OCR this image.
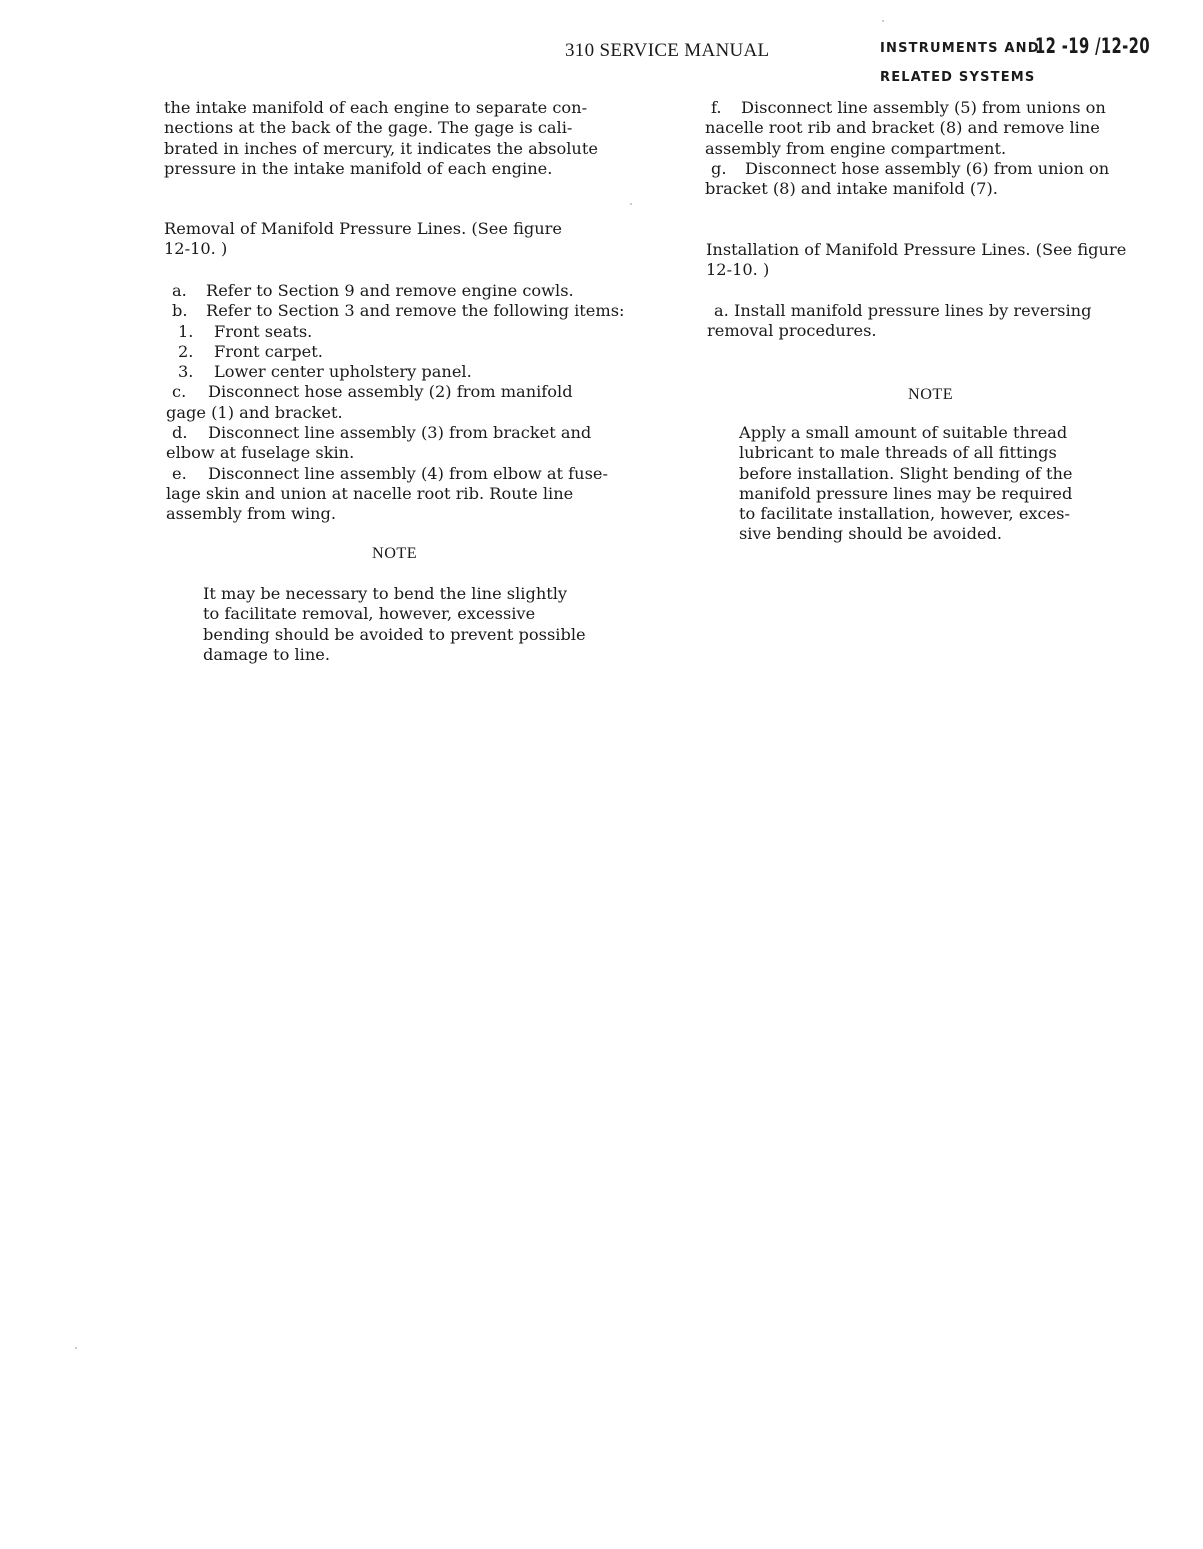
310 SERVICE MANUAL	INSTRUMENTS AND
12 -19 /12-20
RELATED SYSTEMS
the intake manifold of each engine to separate con-
nections at the back of the gage. The gage is cali-
brated in inches of mercury, it indicates the absolute
pressure in the intake manifold of each engine.
Removal of Manifold Pressure Lines. (See figure
12-10. )
a. Refer to Section 9 and remove engine cowls.
b. Refer to Section 3 and remove the following items:
1. Front seats.
2. Front carpet.
3. Lower center upholstery panel.
c. Disconnect hose assembly (2) from manifold
gage (1) and bracket.
d. Disconnect line assembly (3) from bracket and
elbow at fuselage skin.
e. Disconnect line assembly (4) from elbow at fuse-
lage skin and union at nacelle root rib. Route line
assembly from wing.
NOTE
It may be necessary to bend the line slightly
to facilitate removal, however, excessive
bending should be avoided to prevent possible
damage to line.
f. Disconnect line assembly (5) from unions on
nacelle root rib and bracket (8) and remove line
assembly from engine compartment.
g. Disconnect hose assembly (6) from union on
bracket (8) and intake manifold (7).
Installation of Manifold Pressure Lines. (See figure
12-10. )
a. Install manifold pressure lines by reversing
removal procedures.
NOTE
Apply a small amount of suitable thread
lubricant to male threads of all fittings
before installation. Slight bending of the
manifold pressure lines may be required
to facilitate installation, however, exces-
sive bending should be avoided.
